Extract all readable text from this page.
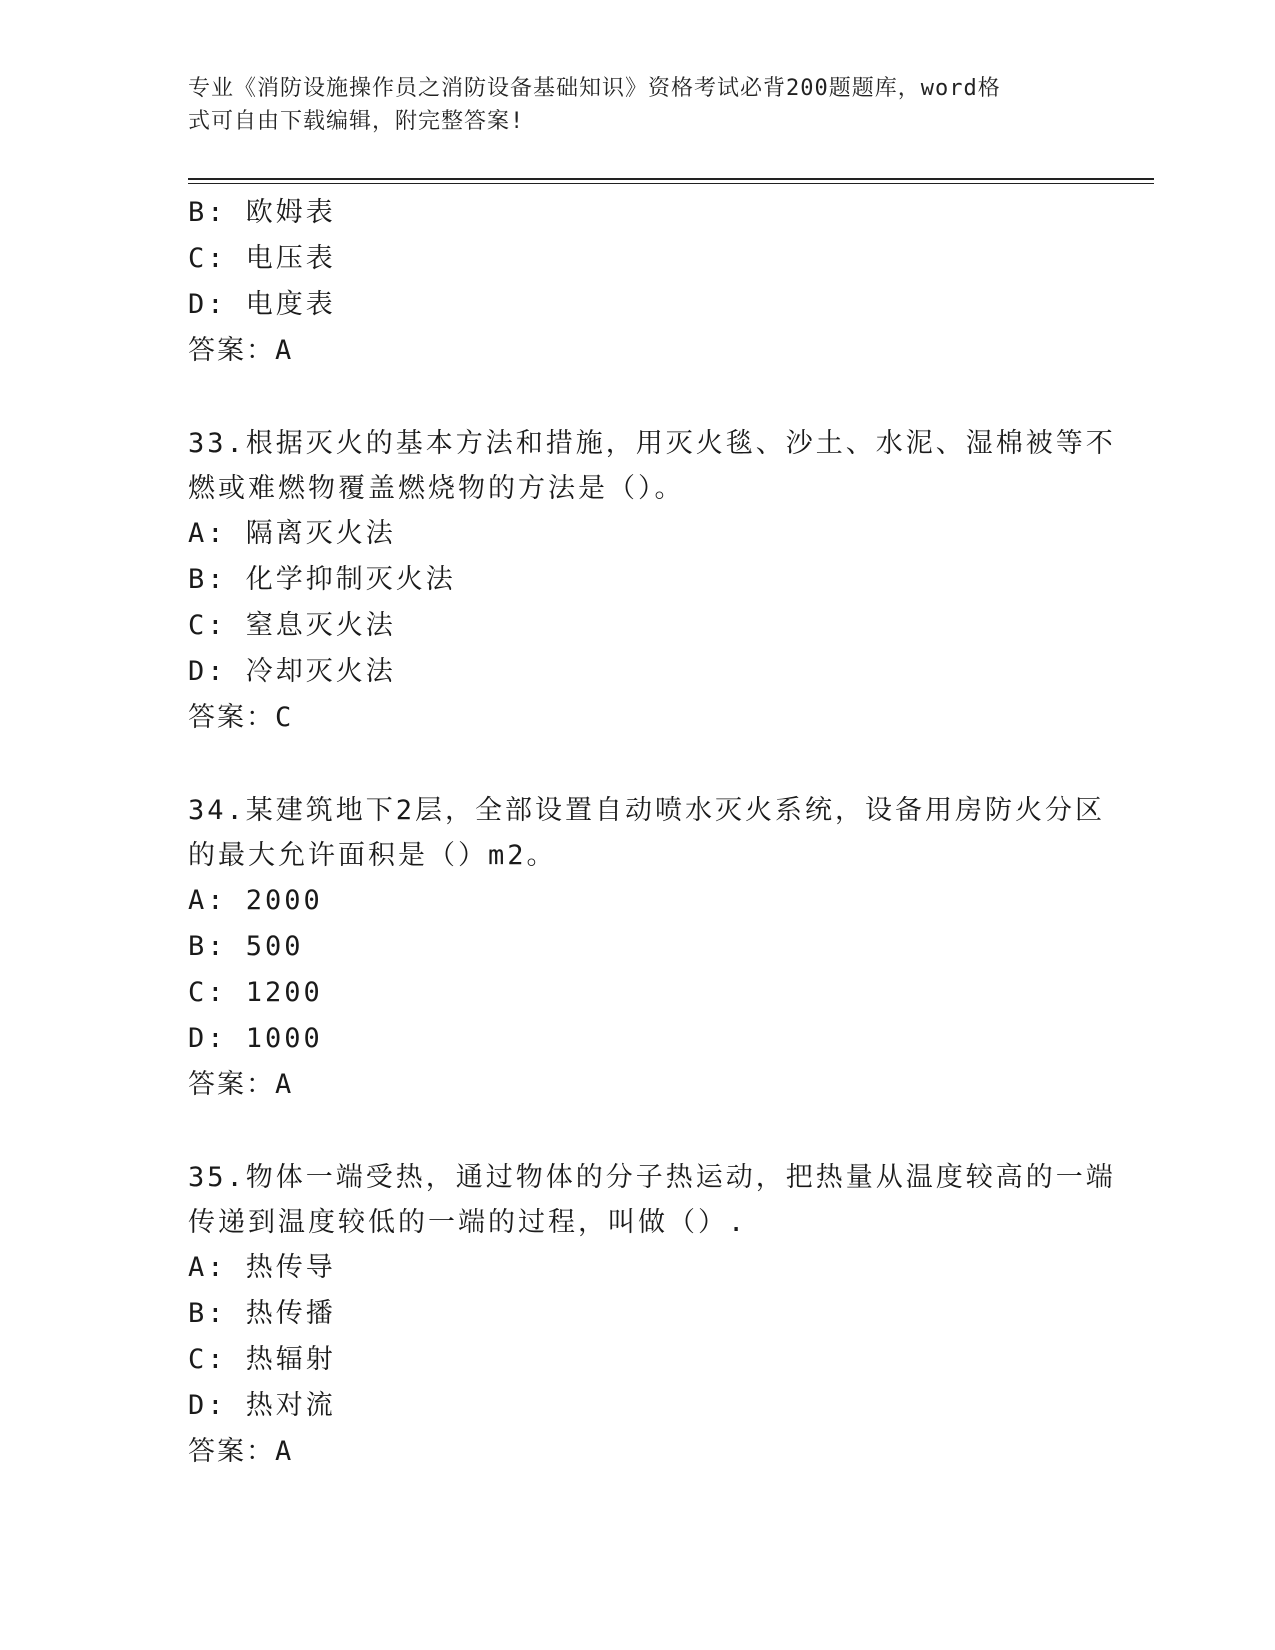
专业《消防设施操作员之消防设备基础知识》资格考试必背200题题库，word格
式可自由下载编辑，附完整答案!
B: 欧姆表
C: 电压表
D: 电度表
答案：A
33.根据灭火的基本方法和措施，用灭火毯、沙土、水泥、湿棉被等不
燃或难燃物覆盖燃烧物的方法是（）。
A: 隔离灭火法
B: 化学抑制灭火法
C: 窒息灭火法
D: 冷却灭火法
答案：C
34.某建筑地下2层，全部设置自动喷水灭火系统，设备用房防火分区
的最大允许面积是（）m2。
A: 2000
B: 500
C: 1200
D: 1000
答案：A
35.物体一端受热，通过物体的分子热运动，把热量从温度较高的一端
传递到温度较低的一端的过程，叫做（）.
A: 热传导
B: 热传播
C: 热辐射
D: 热对流
答案：A
